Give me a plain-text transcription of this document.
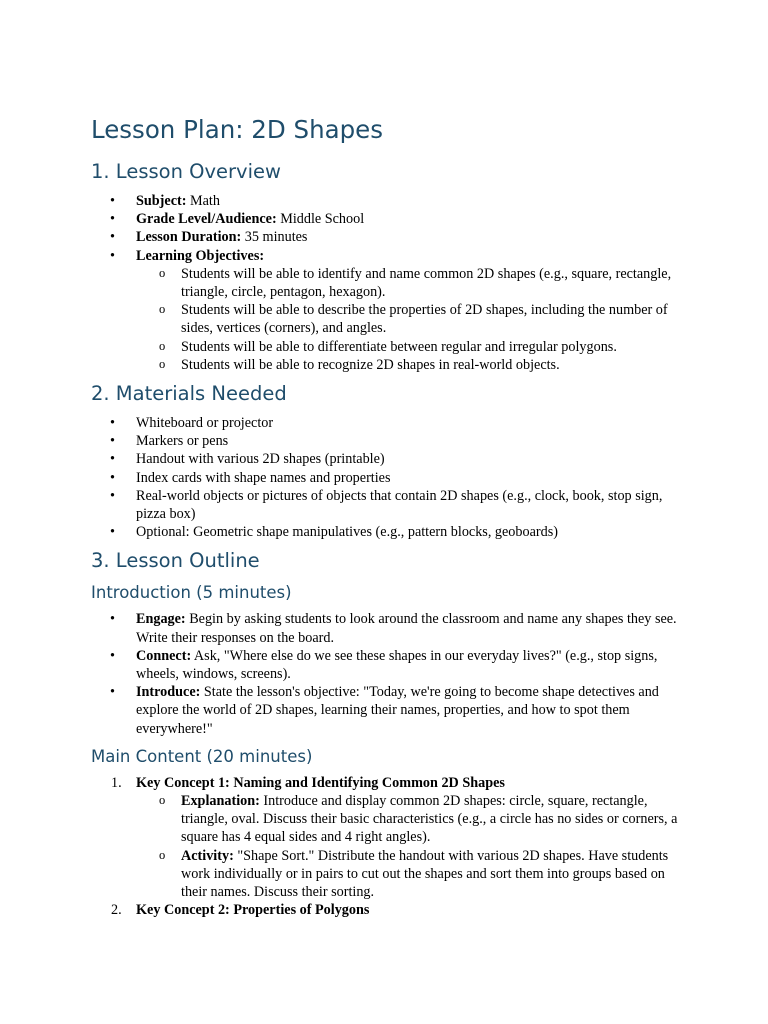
Lesson Plan: 2D Shapes
1. Lesson Overview
• Subject: Math
• Grade Level/Audience: Middle School
• Lesson Duration: 35 minutes
• Learning Objectives:
o Students will be able to identify and name common 2D shapes (e.g., square, rectangle, triangle, circle, pentagon, hexagon).
o Students will be able to describe the properties of 2D shapes, including the number of sides, vertices (corners), and angles.
o Students will be able to differentiate between regular and irregular polygons.
o Students will be able to recognize 2D shapes in real-world objects.
2. Materials Needed
• Whiteboard or projector
• Markers or pens
• Handout with various 2D shapes (printable)
• Index cards with shape names and properties
• Real-world objects or pictures of objects that contain 2D shapes (e.g., clock, book, stop sign, pizza box)
• Optional: Geometric shape manipulatives (e.g., pattern blocks, geoboards)
3. Lesson Outline
Introduction (5 minutes)
• Engage: Begin by asking students to look around the classroom and name any shapes they see. Write their responses on the board.
• Connect: Ask, "Where else do we see these shapes in our everyday lives?" (e.g., stop signs, wheels, windows, screens).
• Introduce: State the lesson's objective: "Today, we're going to become shape detectives and explore the world of 2D shapes, learning their names, properties, and how to spot them everywhere!"
Main Content (20 minutes)
1. Key Concept 1: Naming and Identifying Common 2D Shapes
o Explanation: Introduce and display common 2D shapes: circle, square, rectangle, triangle, oval. Discuss their basic characteristics (e.g., a circle has no sides or corners, a square has 4 equal sides and 4 right angles).
o Activity: "Shape Sort." Distribute the handout with various 2D shapes. Have students work individually or in pairs to cut out the shapes and sort them into groups based on their names. Discuss their sorting.
2. Key Concept 2: Properties of Polygons
